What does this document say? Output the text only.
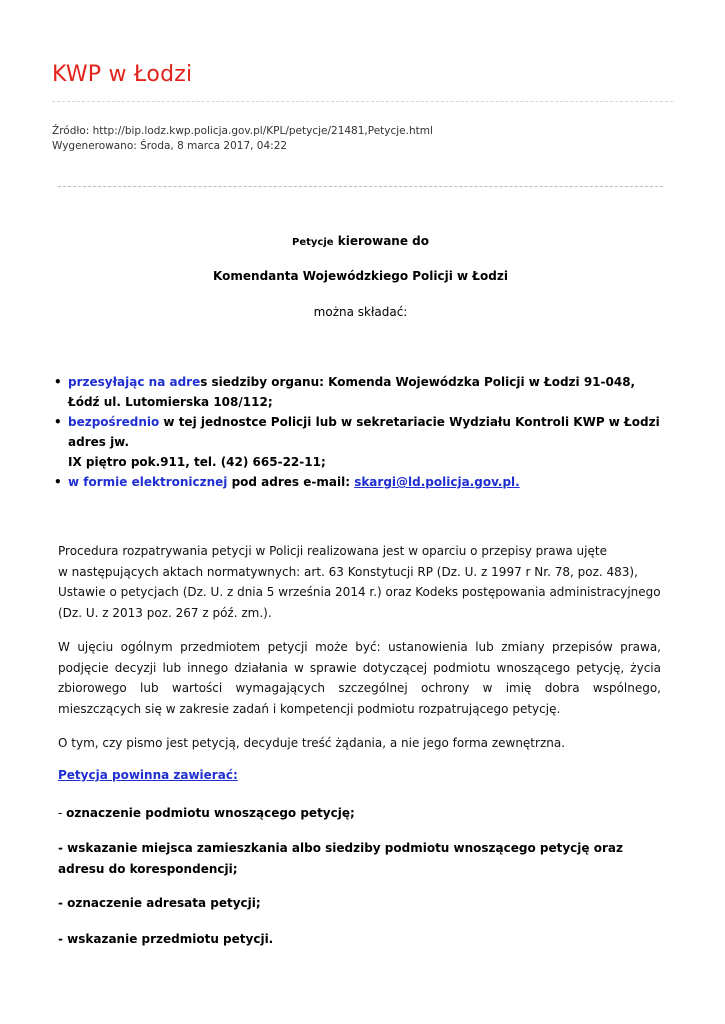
KWP w Łodzi
Źródło: http://bip.lodz.kwp.policja.gov.pl/KPL/petycje/21481,Petycje.html
Wygenerowano: Środa, 8 marca 2017, 04:22
Petycje kierowane do
Komendanta Wojewódzkiego Policji w Łodzi
można składać:
• przesyłając na adres siedziby organu: Komenda Wojewódzka Policji w Łodzi 91-048,
Łódź ul. Lutomierska 108/112;
• bezpośrednio w tej jednostce Policji lub w sekretariacie Wydziału Kontroli KWP w Łodzi
adres jw.
IX piętro pok.911, tel. (42) 665-22-11;
• w formie elektronicznej pod adres e-mail: skargi@ld.policja.gov.pl.

Procedura rozpatrywania petycji w Policji realizowana jest w oparciu o przepisy prawa ujęte
w następujących aktach normatywnych: art. 63 Konstytucji RP (Dz. U. z 1997 r Nr. 78, poz. 483),
Ustawie o petycjach (Dz. U. z dnia 5 września 2014 r.) oraz Kodeks postępowania administracyjnego
(Dz. U. z 2013 poz. 267 z póź. zm.).

W ujęciu ogólnym przedmiotem petycji może być: ustanowienia lub zmiany przepisów prawa, podjęcie decyzji lub innego działania w sprawie dotyczącej podmiotu wnoszącego petycję, życia zbiorowego lub wartości wymagających szczególnej ochrony w imię dobra wspólnego, mieszczących się w zakresie zadań i kompetencji podmiotu rozpatrującego petycję.

O tym, czy pismo jest petycją, decyduje treść żądania, a nie jego forma zewnętrzna.

Petycja powinna zawierać:
- oznaczenie podmiotu wnoszącego petycję;
- wskazanie miejsca zamieszkania albo siedziby podmiotu wnoszącego petycję oraz adresu do korespondencji;
- oznaczenie adresata petycji;
- wskazanie przedmiotu petycji.
